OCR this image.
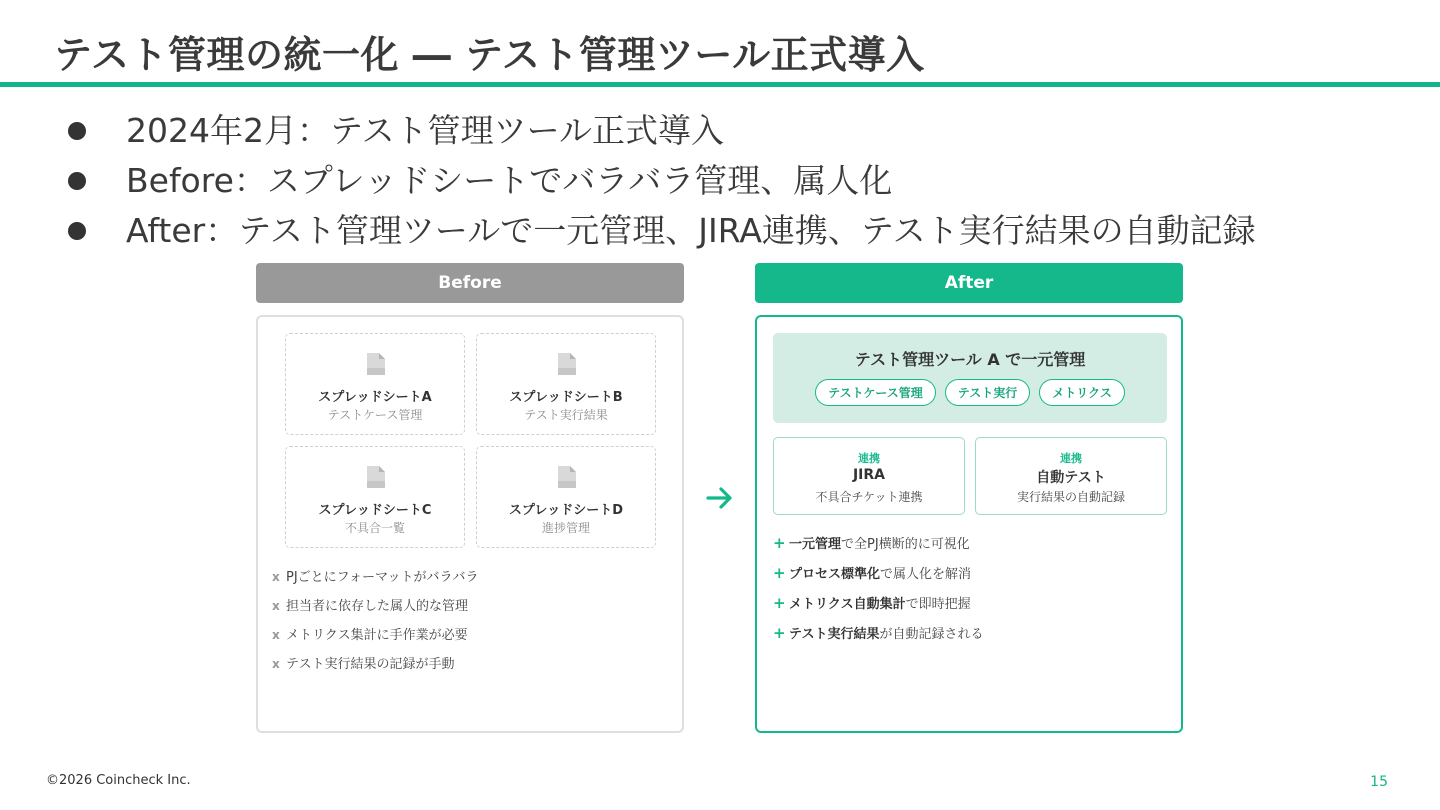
テスト管理の統一化 ― テスト管理ツール正式導入
2024年2月：テスト管理ツール正式導入
Before：スプレッドシートでバラバラ管理、属人化
After：テスト管理ツールで一元管理、JIRA連携、テスト実行結果の自動記録
Before
スプレッドシートA
テストケース管理
スプレッドシートB
テスト実行結果
スプレッドシートC
不具合一覧
スプレッドシートD
進捗管理
x PJごとにフォーマットがバラバラ
x 担当者に依存した属人的な管理
x メトリクス集計に手作業が必要
x テスト実行結果の記録が手動
After
テスト管理ツール A で一元管理
テストケース管理	テスト実行	メトリクス
連携
JIRA
不具合チケット連携
連携
自動テスト
実行結果の自動記録
+ 一元管理で全PJ横断的に可視化
+ プロセス標準化で属人化を解消
+ メトリクス自動集計で即時把握
+ テスト実行結果が自動記録される
©2026 Coincheck Inc.	15
